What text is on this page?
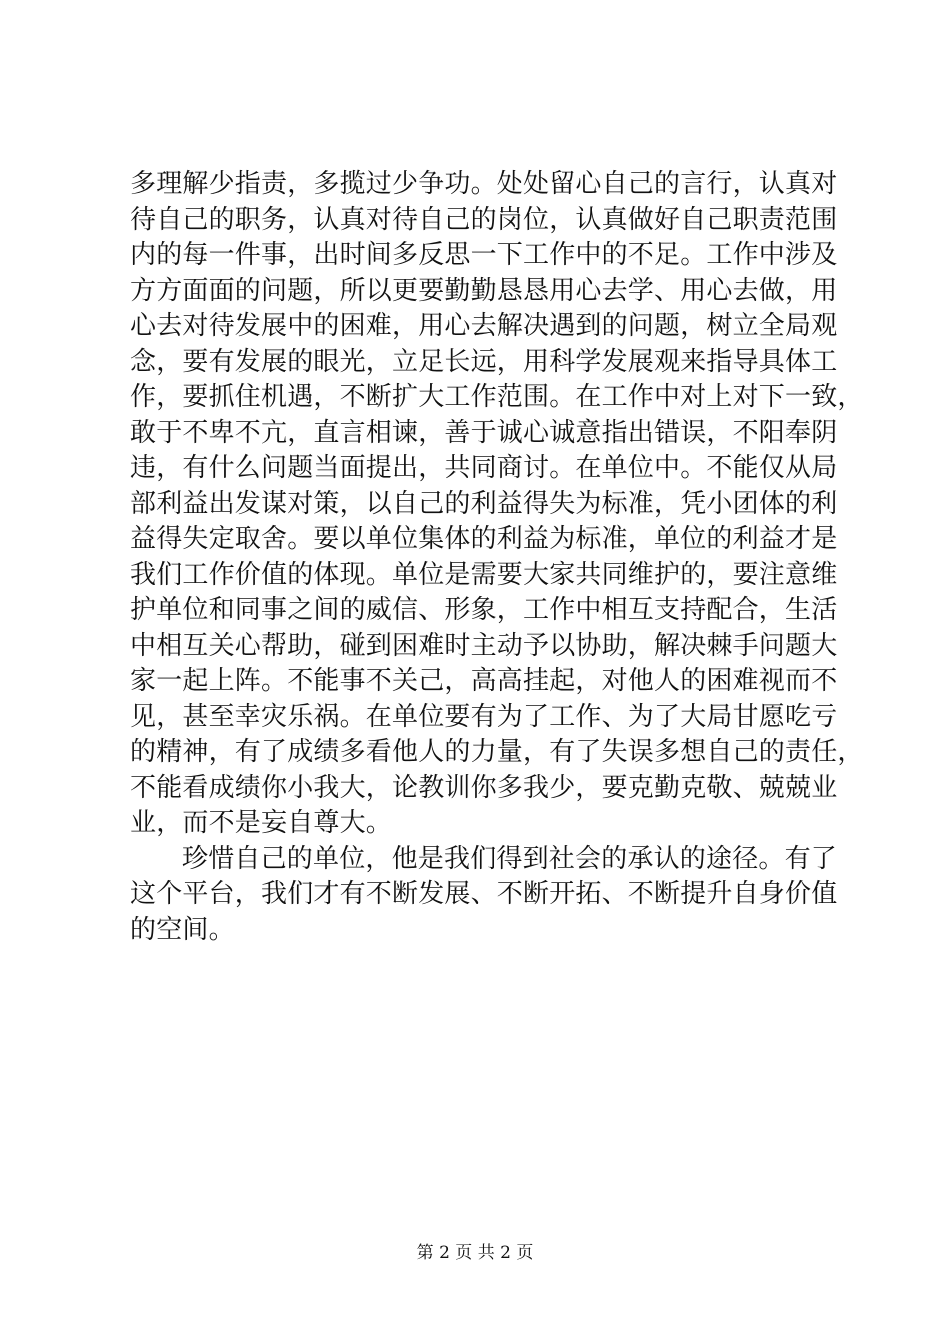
多理解少指责，多揽过少争功。处处留心自己的言行，认真对
待自己的职务，认真对待自己的岗位，认真做好自己职责范围
内的每一件事，出时间多反思一下工作中的不足。工作中涉及
方方面面的问题，所以更要勤勤恳恳用心去学、用心去做，用
心去对待发展中的困难，用心去解决遇到的问题，树立全局观
念，要有发展的眼光，立足长远，用科学发展观来指导具体工
作，要抓住机遇，不断扩大工作范围。在工作中对上对下一致，
敢于不卑不亢，直言相谏，善于诚心诚意指出错误，不阳奉阴
违，有什么问题当面提出，共同商讨。在单位中。不能仅从局
部利益出发谋对策，以自己的利益得失为标准，凭小团体的利
益得失定取舍。要以单位集体的利益为标准，单位的利益才是
我们工作价值的体现。单位是需要大家共同维护的，要注意维
护单位和同事之间的威信、形象，工作中相互支持配合，生活
中相互关心帮助，碰到困难时主动予以协助，解决棘手问题大
家一起上阵。不能事不关己，高高挂起，对他人的困难视而不
见，甚至幸灾乐祸。在单位要有为了工作、为了大局甘愿吃亏
的精神，有了成绩多看他人的力量，有了失误多想自己的责任，
不能看成绩你小我大，论教训你多我少，要克勤克敬、兢兢业
业，而不是妄自尊大。
珍惜自己的单位，他是我们得到社会的承认的途径。有了
这个平台，我们才有不断发展、不断开拓、不断提升自身价值
的空间。
第 2 页 共 2 页
